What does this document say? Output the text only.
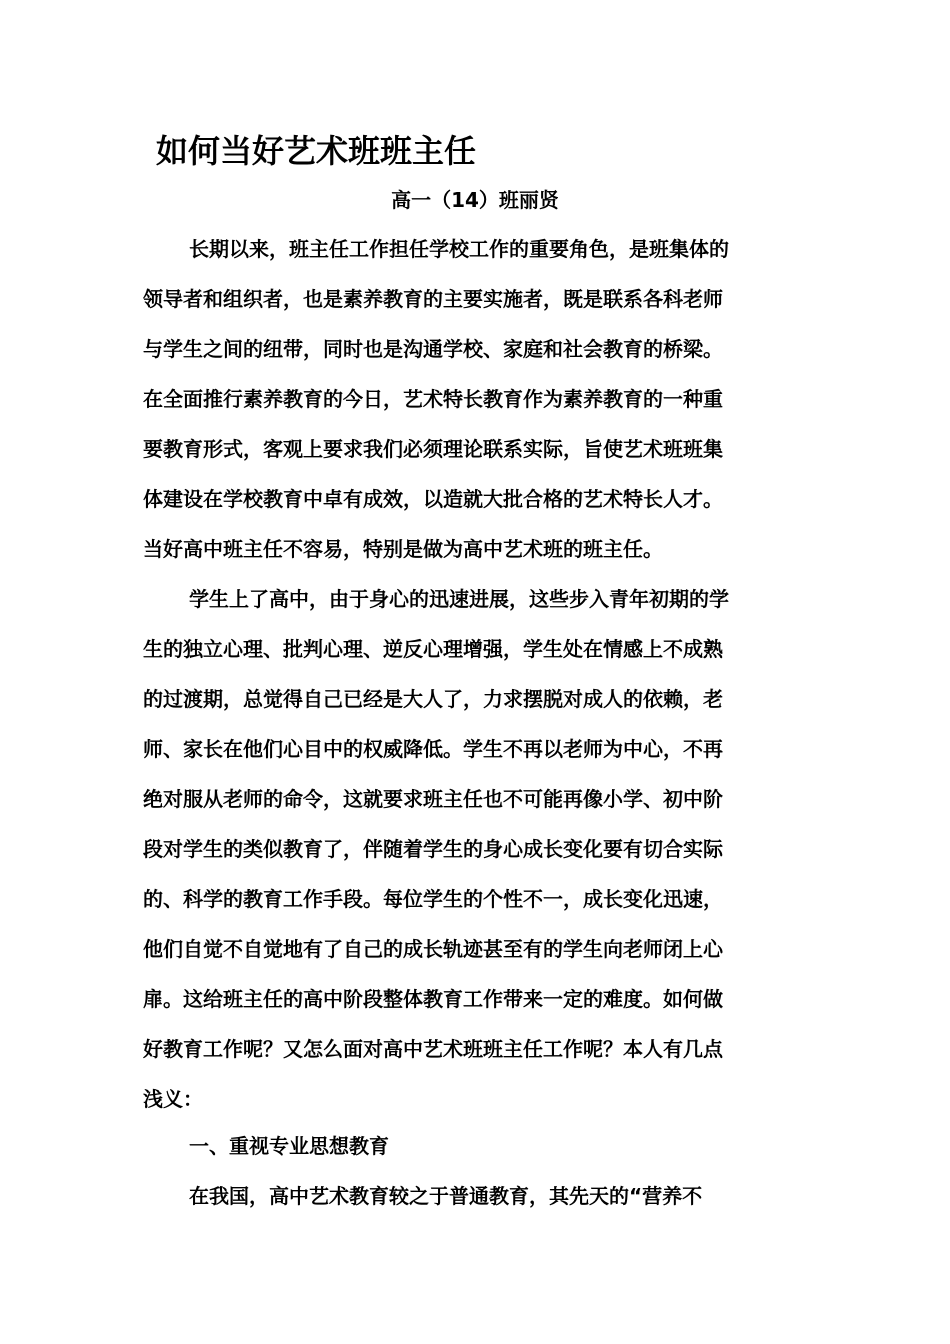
如何当好艺术班班主任

高一（14）班丽贤

长期以来，班主任工作担任学校工作的重要角色，是班集体的
领导者和组织者，也是素养教育的主要实施者，既是联系各科老师
与学生之间的纽带，同时也是沟通学校、家庭和社会教育的桥梁。
在全面推行素养教育的今日，艺术特长教育作为素养教育的一种重
要教育形式，客观上要求我们必须理论联系实际，旨使艺术班班集
体建设在学校教育中卓有成效，以造就大批合格的艺术特长人才。
当好高中班主任不容易，特别是做为高中艺术班的班主任。
学生上了高中，由于身心的迅速进展，这些步入青年初期的学
生的独立心理、批判心理、逆反心理增强，学生处在情感上不成熟
的过渡期，总觉得自己已经是大人了，力求摆脱对成人的依赖，老
师、家长在他们心目中的权威降低。学生不再以老师为中心，不再
绝对服从老师的命令，这就要求班主任也不可能再像小学、初中阶
段对学生的类似教育了，伴随着学生的身心成长变化要有切合实际
的、科学的教育工作手段。每位学生的个性不一，成长变化迅速，
他们自觉不自觉地有了自己的成长轨迹甚至有的学生向老师闭上心
扉。这给班主任的高中阶段整体教育工作带来一定的难度。如何做
好教育工作呢？又怎么面对高中艺术班班主任工作呢？本人有几点
浅义：
一、重视专业思想教育
在我国，高中艺术教育较之于普通教育，其先天的“营养不
